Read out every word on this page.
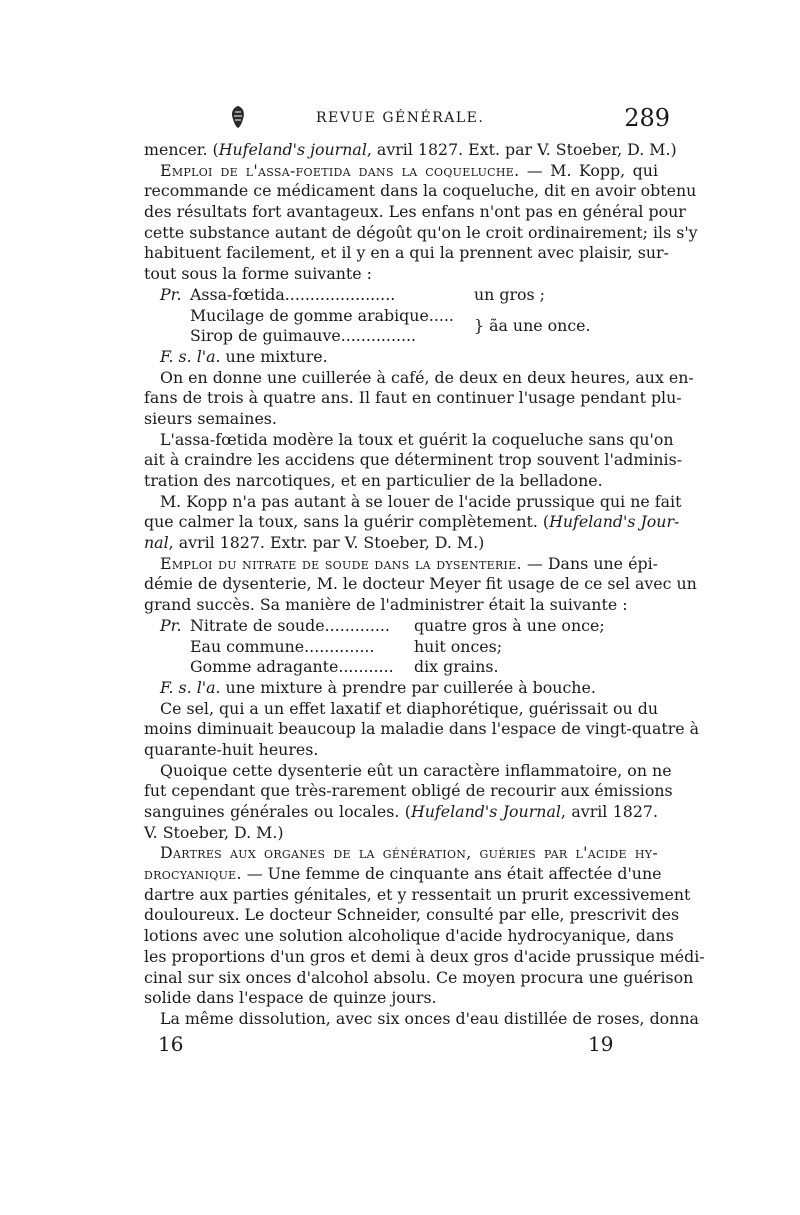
REVUE GÉNÉRALE.	289
mencer. (Hufeland's journal, avril 1827. Ext. par V. Stoeber, D. M.)
Emploi de l'assa-foetida dans la coqueluche. — M. Kopp, qui
recommande ce médicament dans la coqueluche, dit en avoir obtenu
des résultats fort avantageux. Les enfans n'ont pas en général pour
cette substance autant de dégoût qu'on le croit ordinairement; ils s'y
habituent facilement, et il y en a qui la prennent avec plaisir, sur-
tout sous la forme suivante :
Pr. Assa-fœtida......................	un gros ;
Mucilage de gomme arabique.....
} ãa une once.
Sirop de guimauve...............
F. s. l'a. une mixture.
On en donne une cuillerée à café, de deux en deux heures, aux en-
fans de trois à quatre ans. Il faut en continuer l'usage pendant plu-
sieurs semaines.
L'assa-fœtida modère la toux et guérit la coqueluche sans qu'on
ait à craindre les accidens que déterminent trop souvent l'adminis-
tration des narcotiques, et en particulier de la belladone.
M. Kopp n'a pas autant à se louer de l'acide prussique qui ne fait
que calmer la toux, sans la guérir complètement. (Hufeland's Jour-
nal, avril 1827. Extr. par V. Stoeber, D. M.)
Emploi du nitrate de soude dans la dysenterie. — Dans une épi-
démie de dysenterie, M. le docteur Meyer fit usage de ce sel avec un
grand succès. Sa manière de l'administrer était la suivante :
Pr. Nitrate de soude............. quatre gros à une once;
Eau commune..............	huit onces;
Gomme adragante........... dix grains.
F. s. l'a. une mixture à prendre par cuillerée à bouche.
Ce sel, qui a un effet laxatif et diaphorétique, guérissait ou du
moins diminuait beaucoup la maladie dans l'espace de vingt-quatre à
quarante-huit heures.
Quoique cette dysenterie eût un caractère inflammatoire, on ne
fut cependant que très-rarement obligé de recourir aux émissions
sanguines générales ou locales. (Hufeland's Journal, avril 1827.
V. Stoeber, D. M.)
Dartres aux organes de la génération, guéries par l'acide hy-
drocyanique. — Une femme de cinquante ans était affectée d'une
dartre aux parties génitales, et y ressentait un prurit excessivement
douloureux. Le docteur Schneider, consulté par elle, prescrivit des
lotions avec une solution alcoholique d'acide hydrocyanique, dans
les proportions d'un gros et demi à deux gros d'acide prussique médi-
cinal sur six onces d'alcohol absolu. Ce moyen procura une guérison
solide dans l'espace de quinze jours.
La même dissolution, avec six onces d'eau distillée de roses, donna
16	19
